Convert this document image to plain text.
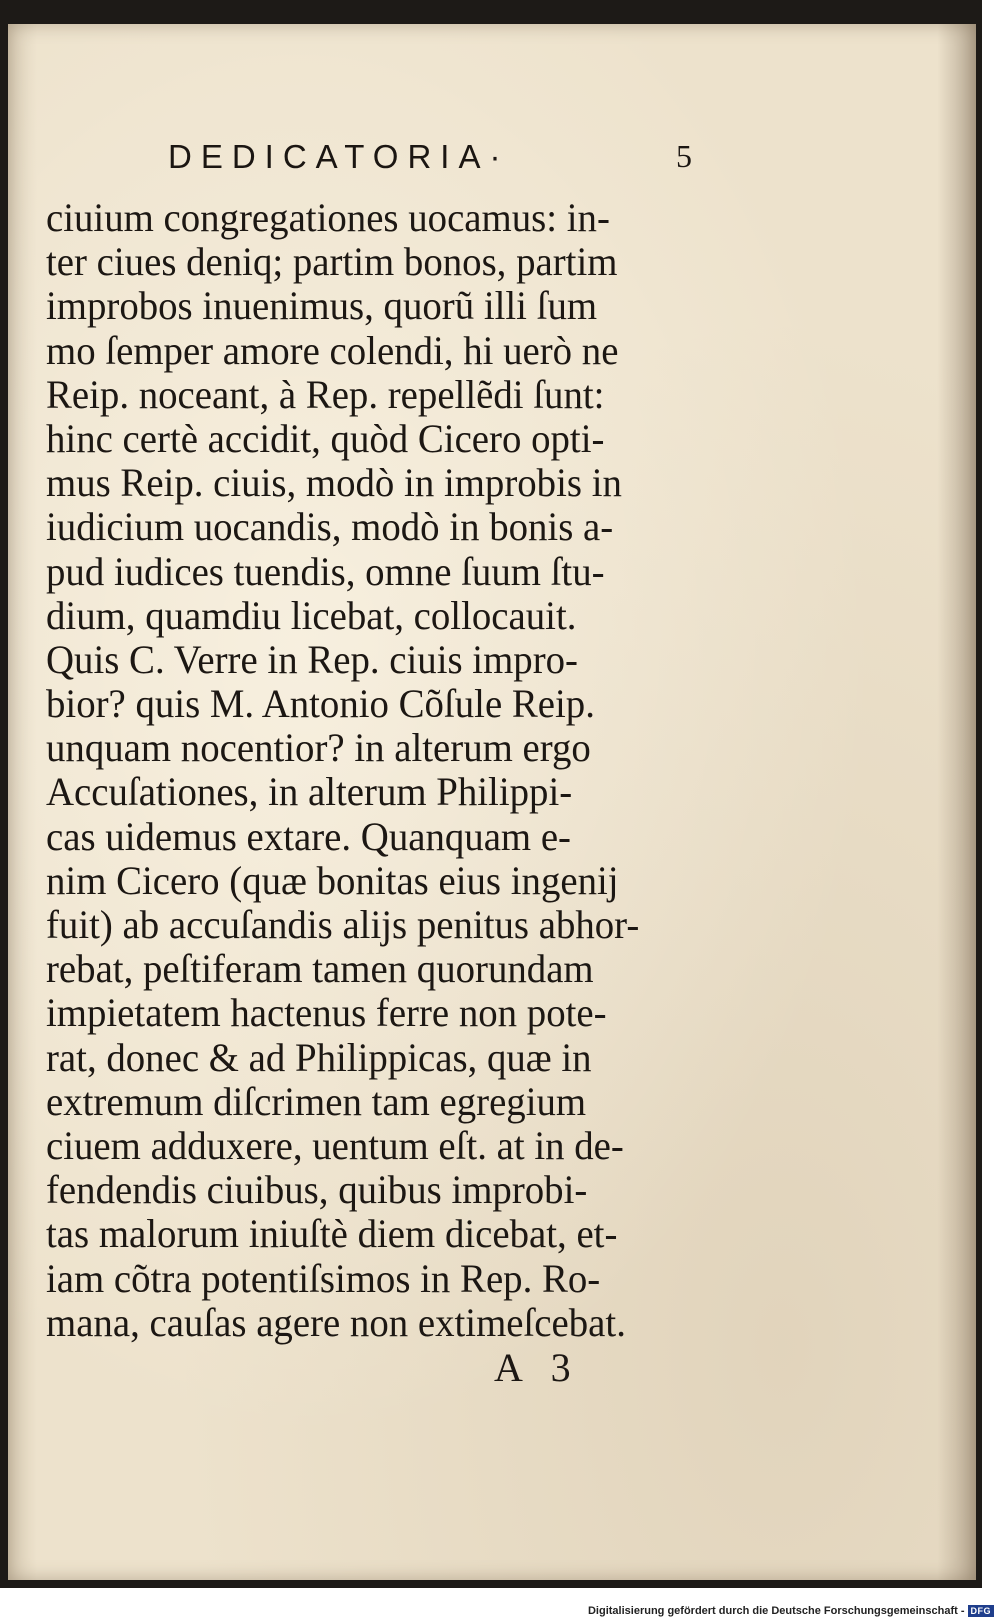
DEDICATORIA·	5
ciuium congregationes uocamus: in-
ter ciues deniq; partim bonos, partim
improbos inuenimus, quorũ illi ſum
mo ſemper amore colendi, hi uerò ne
Reip. noceant, à Rep. repellẽdi ſunt:
hinc certè accidit, quòd Cicero opti-
mus Reip. ciuis, modò in improbis in
iudicium uocandis, modò in bonis a-
pud iudices tuendis, omne ſuum ſtu-
dium, quamdiu licebat, collocauit.
Quis C. Verre in Rep. ciuis impro-
bior? quis M. Antonio Cõſule Reip.
unquam nocentior? in alterum ergo
Accuſationes, in alterum Philippi-
cas uidemus extare. Quanquam e-
nim Cicero (quæ bonitas eius ingenij
fuit) ab accuſandis alijs penitus abhor-
rebat, peſtiferam tamen quorundam
impietatem hactenus ferre non pote-
rat, donec & ad Philippicas, quæ in
extremum diſcrimen tam egregium
ciuem adduxere, uentum eſt. at in de-
fendendis ciuibus, quibus improbi-
tas malorum iniuſtè diem dicebat, et-
iam cõtra potentiſsimos in Rep. Ro-
mana, cauſas agere non extimeſcebat.
A   3
Digitalisierung gefördert durch die Deutsche Forschungsgemeinschaft - DFG
